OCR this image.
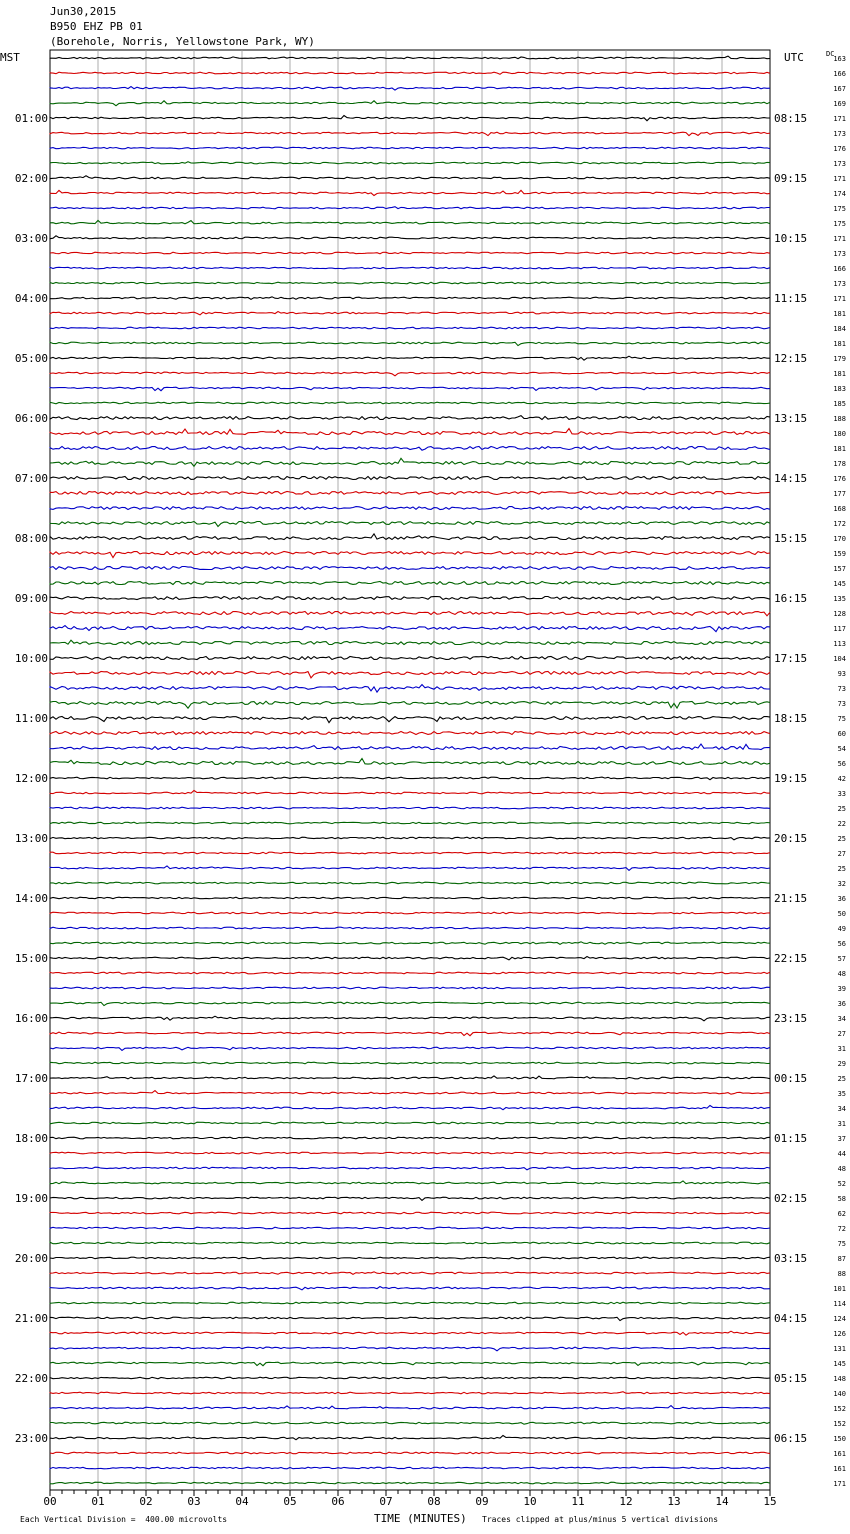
Jun30,2015
B950 EHZ PB 01
(Borehole, Norris, Yellowstone Park, WY)
MST	UTC	DC
01:00
02:00
03:00
04:00
05:00
06:00
07:00
08:00
09:00
10:00
11:00
12:00
13:00
14:00
15:00
16:00
17:00
18:00
19:00
20:00
21:00
22:00
23:00
08:15
09:15
10:15
11:15
12:15
13:15
14:15
15:15
16:15
17:15
18:15
19:15
20:15
21:15
22:15
23:15
00:15
01:15
02:15
03:15
04:15
05:15
06:15
163
166
167
169
171
173
176
173
171
174
175
175
171
173
166
173
171
181
184
181
179
181
183
185
188
180
181
178
176
177
168
172
170
159
157
145
135
128
117
113
104
93
73
73
75
60
54
56
42
33
25
22
25
27
25
32
36
50
49
56
57
48
39
36
34
27
31
29
25
35
34
31
37
44
48
52
58
62
72
75
87
88
101
114
124
126
131
145
148
140
152
152
150
161
161
171
00	01	02	03	04	05	06	07	08	09	10	11	12	13	14	15
Each Vertical Division =  400.00 microvolts	TIME (MINUTES) Traces clipped at plus/minus 5 vertical divisions
